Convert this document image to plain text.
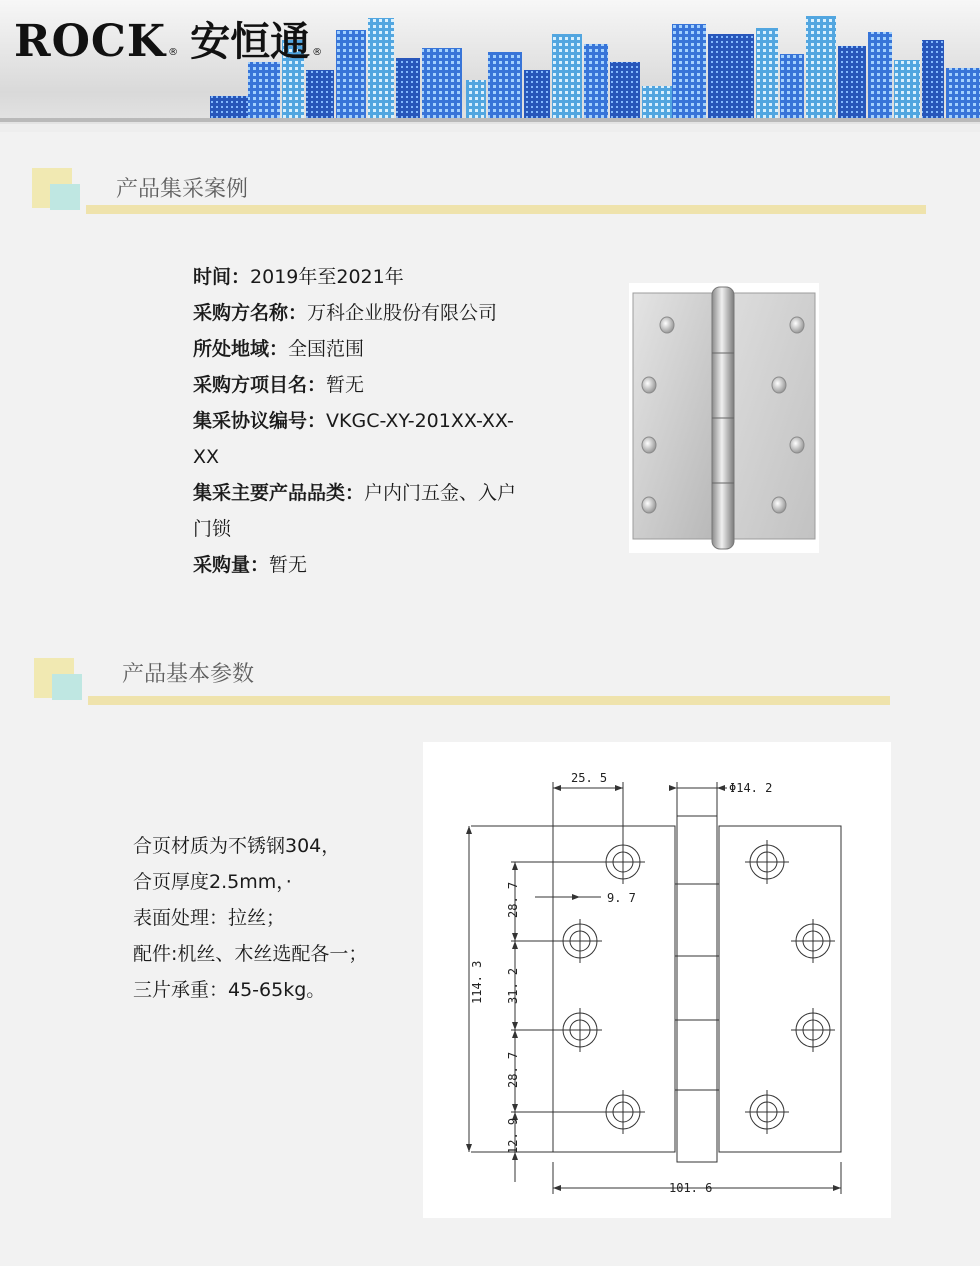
ROCK ® 安恒通 ®
产品集采案例
时间：2019年至2021年
采购方名称：万科企业股份有限公司
所处地域：全国范围
采购方项目名：暂无
集采协议编号：VKGC-XY-201XX-XX-XX
集采主要产品品类：户内门五金、入户门锁
采购量：暂无
产品基本参数
合页材质为不锈钢304，
合页厚度2.5mm，·
表面处理：拉丝；
配件:机丝、木丝选配各一；
三片承重：45-65kg。
25. 5
Φ14. 2
9. 7
114. 3
28. 7
31. 2
28. 7
12. 9
101. 6
